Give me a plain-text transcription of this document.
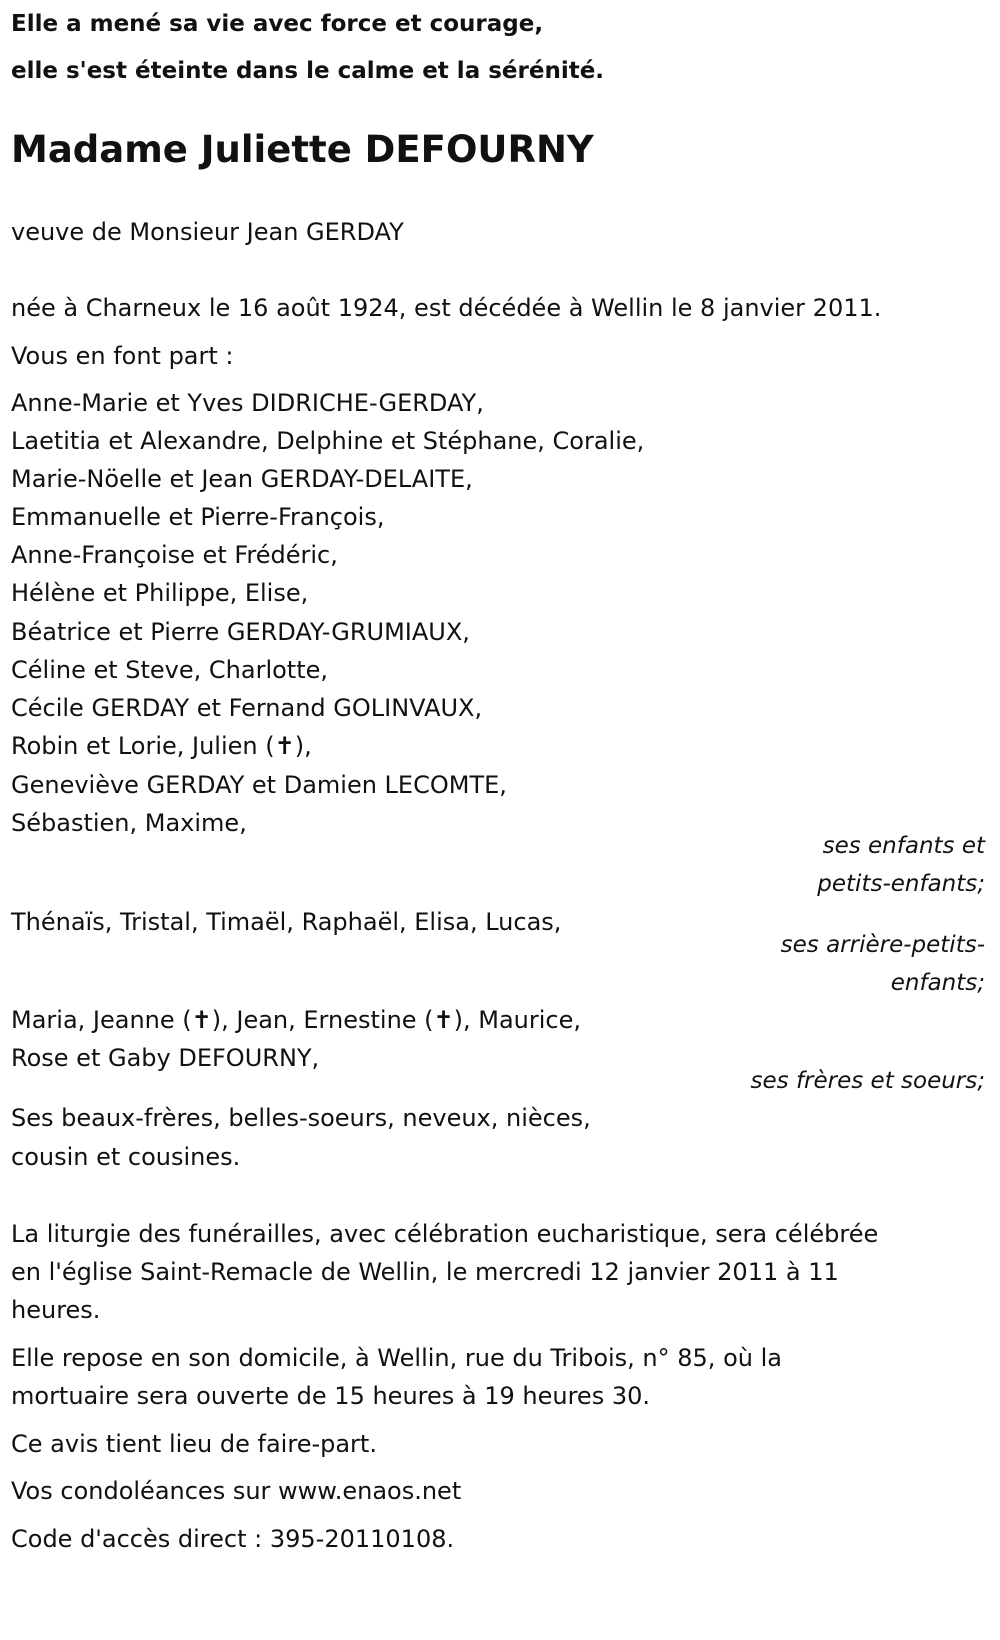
Elle a mené sa vie avec force et courage,
elle s'est éteinte dans le calme et la sérénité.
Madame Juliette DEFOURNY
veuve de Monsieur Jean GERDAY
née à Charneux le 16 août 1924, est décédée à Wellin le 8 janvier 2011.
Vous en font part :
Anne-Marie et Yves DIDRICHE-GERDAY,
Laetitia et Alexandre, Delphine et Stéphane, Coralie,
Marie-Nöelle et Jean GERDAY-DELAITE,
Emmanuelle et Pierre-François,
Anne-Françoise et Frédéric,
Hélène et Philippe, Elise,
Béatrice et Pierre GERDAY-GRUMIAUX,
Céline et Steve, Charlotte,
Cécile GERDAY et Fernand GOLINVAUX,
Robin et Lorie, Julien (✝),
Geneviève GERDAY et Damien LECOMTE,
Sébastien, Maxime,
ses enfants et
petits-enfants;
Thénaïs, Tristal, Timaël, Raphaël, Elisa, Lucas,
ses arrière-petits-
enfants;
Maria, Jeanne (✝), Jean, Ernestine (✝), Maurice,
Rose et Gaby DEFOURNY,
ses frères et soeurs;
Ses beaux-frères, belles-soeurs, neveux, nièces,
cousin et cousines.
La liturgie des funérailles, avec célébration eucharistique, sera célébrée
en l'église Saint-Remacle de Wellin, le mercredi 12 janvier 2011 à 11
heures.
Elle repose en son domicile, à Wellin, rue du Tribois, n° 85, où la
mortuaire sera ouverte de 15 heures à 19 heures 30.
Ce avis tient lieu de faire-part.
Vos condoléances sur www.enaos.net
Code d'accès direct : 395-20110108.
